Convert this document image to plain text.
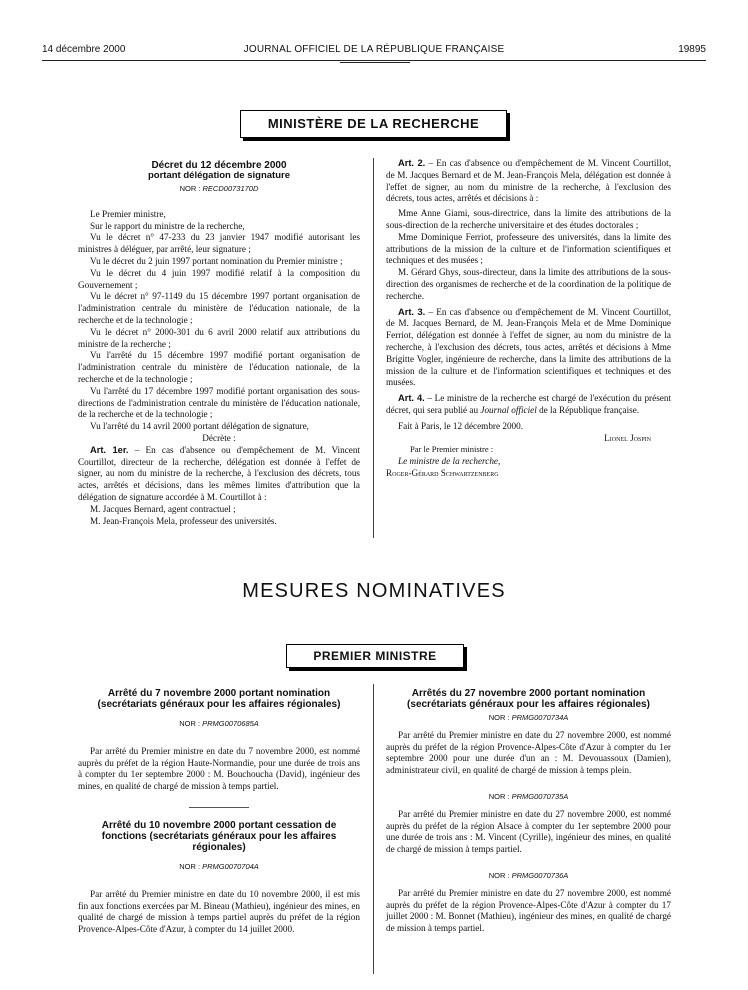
14 décembre 2000	JOURNAL OFFICIEL DE LA RÉPUBLIQUE FRANÇAISE	19895
MINISTÈRE DE LA RECHERCHE
Décret du 12 décembre 2000
portant délégation de signature
NOR : RECD0073170D

Le Premier ministre,

Sur le rapport du ministre de la recherche,

Vu le décret n° 47-233 du 23 janvier 1947 modifié autorisant les ministres à déléguer, par arrêté, leur signature ;

Vu le décret du 2 juin 1997 portant nomination du Premier ministre ;

Vu le décret du 4 juin 1997 modifié relatif à la composition du Gouvernement ;

Vu le décret n° 97-1149 du 15 décembre 1997 portant organisation de l'administration centrale du ministère de l'éducation nationale, de la recherche et de la technologie ;

Vu le décret n° 2000-301 du 6 avril 2000 relatif aux attributions du ministre de la recherche ;

Vu l'arrêté du 15 décembre 1997 modifié portant organisation de l'administration centrale du ministère de l'éducation nationale, de la recherche et de la technologie ;

Vu l'arrêté du 17 décembre 1997 modifié portant organisation des sous-directions de l'administration centrale du ministère de l'éducation nationale, de la recherche et de la technologie ;

Vu l'arrêté du 14 avril 2000 portant délégation de signature,

Décrète :

Art. 1er. – En cas d'absence ou d'empêchement de M. Vincent Courtillot, directeur de la recherche, délégation est donnée à l'effet de signer, au nom du ministre de la recherche, à l'exclusion des décrets, tous actes, arrêtés et décisions, dans les mêmes limites d'attribution que la délégation de signature accordée à M. Courtillot à :

M. Jacques Bernard, agent contractuel ;

M. Jean-François Mela, professeur des universités.

Art. 2. – En cas d'absence ou d'empêchement de M. Vincent Courtillot, de M. Jacques Bernard et de M. Jean-François Mela, délégation est donnée à l'effet de signer, au nom du ministre de la recherche, à l'exclusion des décrets, tous actes, arrêtés et décisions à :

Mme Anne Giami, sous-directrice, dans la limite des attributions de la sous-direction de la recherche universitaire et des études doctorales ;

Mme Dominique Ferriot, professeure des universités, dans la limite des attributions de la mission de la culture et de l'information scientifiques et techniques et des musées ;

M. Gérard Ghys, sous-directeur, dans la limite des attributions de la sous-direction des organismes de recherche et de la coordination de la politique de recherche.

Art. 3. – En cas d'absence ou d'empêchement de M. Vincent Courtillot, de M. Jacques Bernard, de M. Jean-François Mela et de Mme Dominique Ferriot, délégation est donnée à l'effet de signer, au nom du ministre de la recherche, à l'exclusion des décrets, tous actes, arrêtés et décisions à Mme Brigitte Vogler, ingénieure de recherche, dans la limite des attributions de la mission de la culture et de l'information scientifiques et techniques et des musées.

Art. 4. – Le ministre de la recherche est chargé de l'exécution du présent décret, qui sera publié au Journal officiel de la République française.

Fait à Paris, le 12 décembre 2000.

Lionel Jospin

Par le Premier ministre :

Le ministre de la recherche,

Roger-Gérard Schwartzenberg

MESURES NOMINATIVES
PREMIER MINISTRE
Arrêté du 7 novembre 2000 portant nomination (secrétariats généraux pour les affaires régionales)
NOR : PRMG0070685A

Par arrêté du Premier ministre en date du 7 novembre 2000, est nommé auprès du préfet de la région Haute-Normandie, pour une durée de trois ans à compter du 1er septembre 2000 : M. Bouchoucha (David), ingénieur des mines, en qualité de chargé de mission à temps partiel.

Arrêté du 10 novembre 2000 portant cessation de fonctions (secrétariats généraux pour les affaires régionales)
NOR : PRMG0070704A

Par arrêté du Premier ministre en date du 10 novembre 2000, il est mis fin aux fonctions exercées par M. Bineau (Mathieu), ingénieur des mines, en qualité de chargé de mission à temps partiel auprès du préfet de la région Provence-Alpes-Côte d'Azur, à compter du 14 juillet 2000.

Arrêtés du 27 novembre 2000 portant nomination (secrétariats généraux pour les affaires régionales)
NOR : PRMG0070734A

Par arrêté du Premier ministre en date du 27 novembre 2000, est nommé auprès du préfet de la région Provence-Alpes-Côte d'Azur à compter du 1er septembre 2000 pour une durée d'un an : M. Devouassoux (Damien), administrateur civil, en qualité de chargé de mission à temps plein.

NOR : PRMG0070735A

Par arrêté du Premier ministre en date du 27 novembre 2000, est nommé auprès du préfet de la région Alsace à compter du 1er septembre 2000 pour une durée de trois ans : M. Vincent (Cyrille), ingénieur des mines, en qualité de chargé de mission à temps partiel.

NOR : PRMG0070736A

Par arrêté du Premier ministre en date du 27 novembre 2000, est nommé auprès du préfet de la région Provence-Alpes-Côte d'Azur à compter du 17 juillet 2000 : M. Bonnet (Mathieu), ingénieur des mines, en qualité de chargé de mission à temps partiel.
